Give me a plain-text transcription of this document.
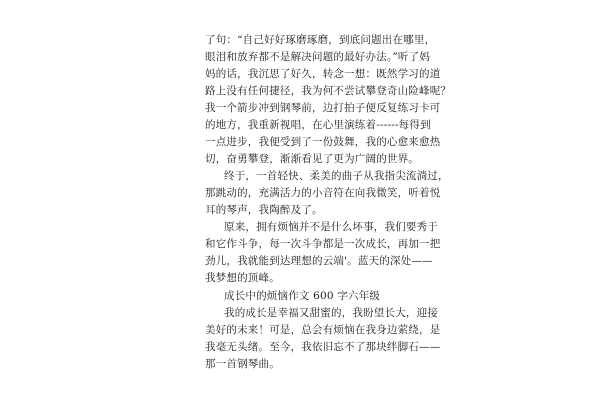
了句：“自己好好琢磨琢磨，到底问题出在哪里，
眼泪和放弃都不是解决问题的最好办法。”听了妈
妈的话，我沉思了好久，转念一想：既然学习的道
路上没有任何捷径，我为何不尝试攀登奇山险峰呢？
我一个箭步冲到钢琴前，边打拍子便反复练习卡可
的地方，我重新视唱，在心里演练着------每得到
一点进步，我便受到了一份鼓舞，我的心愈来愈热
切，奋勇攀登，渐渐看见了更为广阔的世界。
终于，一首轻快、柔美的曲子从我指尖流淌过，
那跳动的，充满活力的小音符在向我微笑，听着悦
耳的琴声，我陶醉及了。
原来，拥有烦恼并不是什么坏事，我们要秀于
和它作斗争，每一次斗争都是一次成长，再加一把
劲儿，我就能到达理想的云端'。蓝天的深处——
我梦想的顶峰。
成长中的烦恼作文 600 字六年级
我的成长是幸福又甜蜜的，我盼望长大，迎接
美好的未来！可是，总会有烦恼在我身边萦绕，是
我毫无头绪。至今，我依旧忘不了那块绊脚石——
那一首钢琴曲。
